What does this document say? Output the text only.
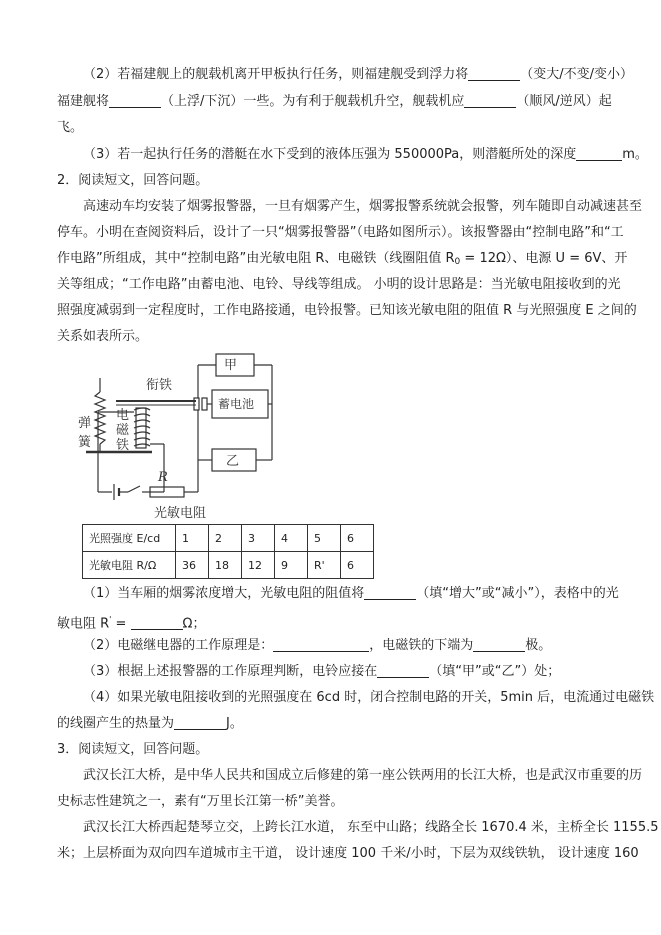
（2）若福建舰上的舰载机离开甲板执行任务，则福建舰受到浮力将	（变大/不变/变小）
福建舰将	（上浮/下沉）一些。为有利于舰载机升空，舰载机应	（顺风/逆风）起
飞。
（3）若一起执行任务的潜艇在水下受到的液体压强为 550000Pa，则潜艇所处的深度	m。
2．阅读短文，回答问题。
高速动车均安装了烟雾报警器，一旦有烟雾产生，烟雾报警系统就会报警，列车随即自动减速甚至
停车。小明在查阅资料后，设计了一只“烟雾报警器”（电路如图所示）。该报警器由“控制电路”和“工
作电路”所组成，其中“控制电路”由光敏电阻 R、电磁铁（线圈阻值 $R_0 = 12\Omega$）、电源 U = 6V、开
关等组成；“工作电路”由蓄电池、电铃、导线等组成。 小明的设计思路是：当光敏电阻接收到的光
照强度减弱到一定程度时，工作电路接通，电铃报警。已知该光敏电阻的阻值 R 与光照强度 E 之间的
关系如表所示。
甲
乙
蓄电池
衔铁
弹
簧
电
磁
铁
R
光敏电阻
光照强度 E/cd	1	2	3	4	5	6
光敏电阻 R/Ω	36	18	12	9	R'	6
（1）当车厢的烟雾浓度增大，光敏电阻的阻值将	（填“增大”或“减小”），表格中的光
敏电阻 R' =	Ω；
（2）电磁继电器的工作原理是：	，电磁铁的下端为	极。
（3）根据上述报警器的工作原理判断，电铃应接在	（填“甲”或“乙”）处；
（4）如果光敏电阻接收到的光照强度在 6cd 时，闭合控制电路的开关，5min 后，电流通过电磁铁
的线圈产生的热量为	J。
3．阅读短文，回答问题。
武汉长江大桥，是中华人民共和国成立后修建的第一座公铁两用的长江大桥，也是武汉市重要的历
史标志性建筑之一，素有“万里长江第一桥”美誉。
武汉长江大桥西起楚琴立交，上跨长江水道， 东至中山路；线路全长 1670.4 米，主桥全长 1155.5
米；上层桥面为双向四车道城市主干道， 设计速度 100 千米/小时，下层为双线铁轨， 设计速度 160
